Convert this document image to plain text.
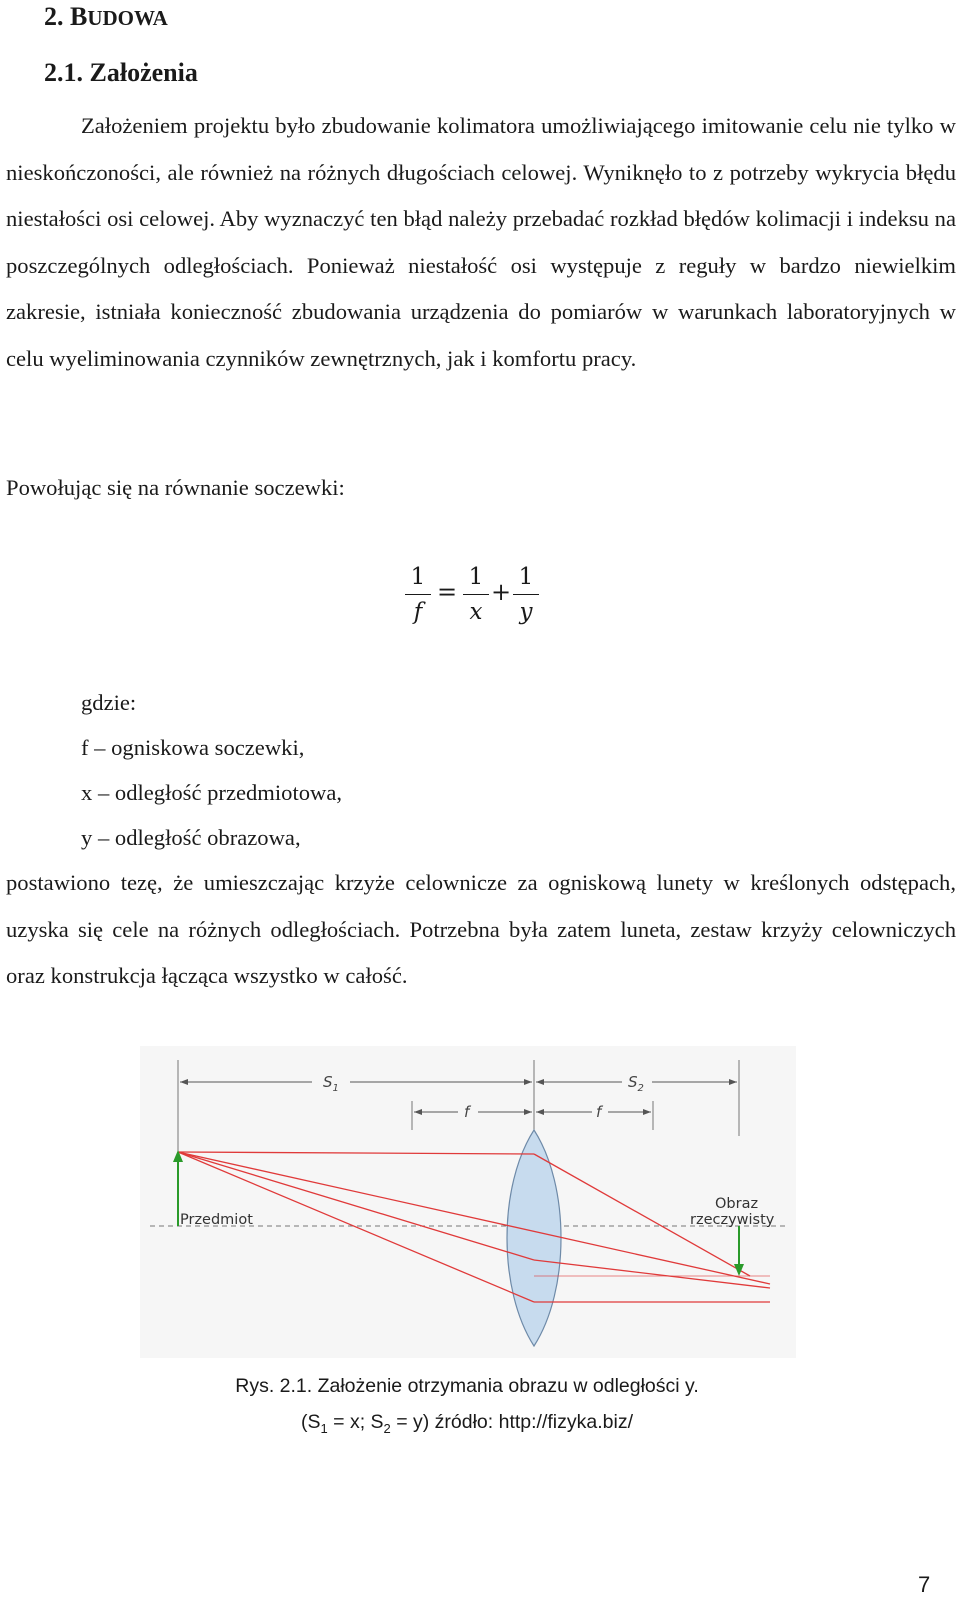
2. BUDOWA
2.1. Założenia

Założeniem projektu było zbudowanie kolimatora umożliwiającego imitowanie celu nie tylko w nieskończoności, ale również na różnych długościach celowej. Wyniknęło to z potrzeby wykrycia błędu niestałości osi celowej. Aby wyznaczyć ten błąd należy przebadać rozkład błędów kolimacji i indeksu na poszczególnych odległościach. Ponieważ niestałość osi występuje z reguły w bardzo niewielkim zakresie, istniała konieczność zbudowania urządzenia do pomiarów w warunkach laboratoryjnych w celu wyeliminowania czynników zewnętrznych, jak i komfortu pracy.

Powołując się na równanie soczewki:
1
f
=
1
x
+
1
y
gdzie:
f – ogniskowa soczewki,
x – odległość przedmiotowa,
y – odległość obrazowa,

postawiono tezę, że umieszczając krzyże celownicze za ogniskową lunety w kreślonych odstępach, uzyska się cele na różnych odległościach. Potrzebna była zatem luneta, zestaw krzyży celowniczych oraz konstrukcja łącząca wszystko w całość.

$S_1$	$S_2$
f	f
Przedmiot
Obraz
rzeczywisty
Rys. 2.1. Założenie otrzymania obrazu w odległości y.
($S_1 = x$; $S_2 = y$) źródło: http://fizyka.biz/
7
